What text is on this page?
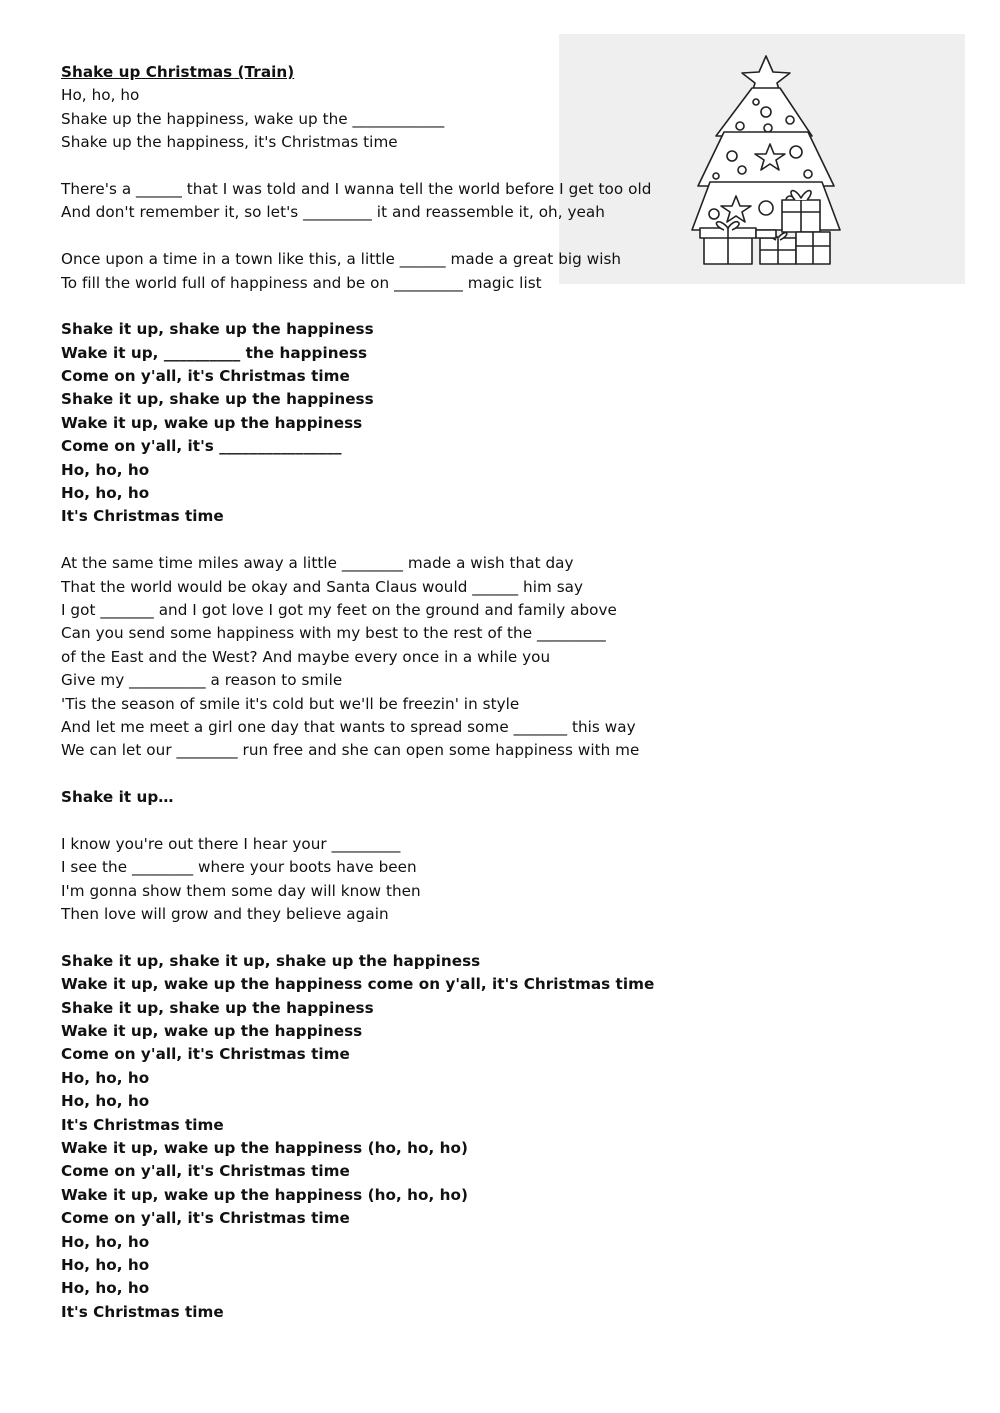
Shake up Christmas (Train)
Ho, ho, ho
Shake up the happiness, wake up the ____________
Shake up the happiness, it's Christmas time
There's a ______ that I was told and I wanna tell the world before I get too old
And don't remember it, so let's _________ it and reassemble it, oh, yeah
Once upon a time in a town like this, a little ______ made a great big wish
To fill the world full of happiness and be on _________ magic list
Shake it up, shake up the happiness
Wake it up, __________ the happiness
Come on y'all, it's Christmas time
Shake it up, shake up the happiness
Wake it up, wake up the happiness
Come on y'all, it's ________________
Ho, ho, ho
Ho, ho, ho
It's Christmas time
At the same time miles away a little ________ made a wish that day
That the world would be okay and Santa Claus would ______ him say
I got _______ and I got love I got my feet on the ground and family above
Can you send some happiness with my best to the rest of the _________
of the East and the West? And maybe every once in a while you
Give my __________ a reason to smile
'Tis the season of smile it's cold but we'll be freezin' in style
And let me meet a girl one day that wants to spread some _______ this way
We can let our ________ run free and she can open some happiness with me
Shake it up…
I know you're out there I hear your _________
I see the ________ where your boots have been
I'm gonna show them some day will know then
Then love will grow and they believe again
Shake it up, shake it up, shake up the happiness
Wake it up, wake up the happiness come on y'all, it's Christmas time
Shake it up, shake up the happiness
Wake it up, wake up the happiness
Come on y'all, it's Christmas time
Ho, ho, ho
Ho, ho, ho
It's Christmas time
Wake it up, wake up the happiness (ho, ho, ho)
Come on y'all, it's Christmas time
Wake it up, wake up the happiness (ho, ho, ho)
Come on y'all, it's Christmas time
Ho, ho, ho
Ho, ho, ho
Ho, ho, ho
It's Christmas time
